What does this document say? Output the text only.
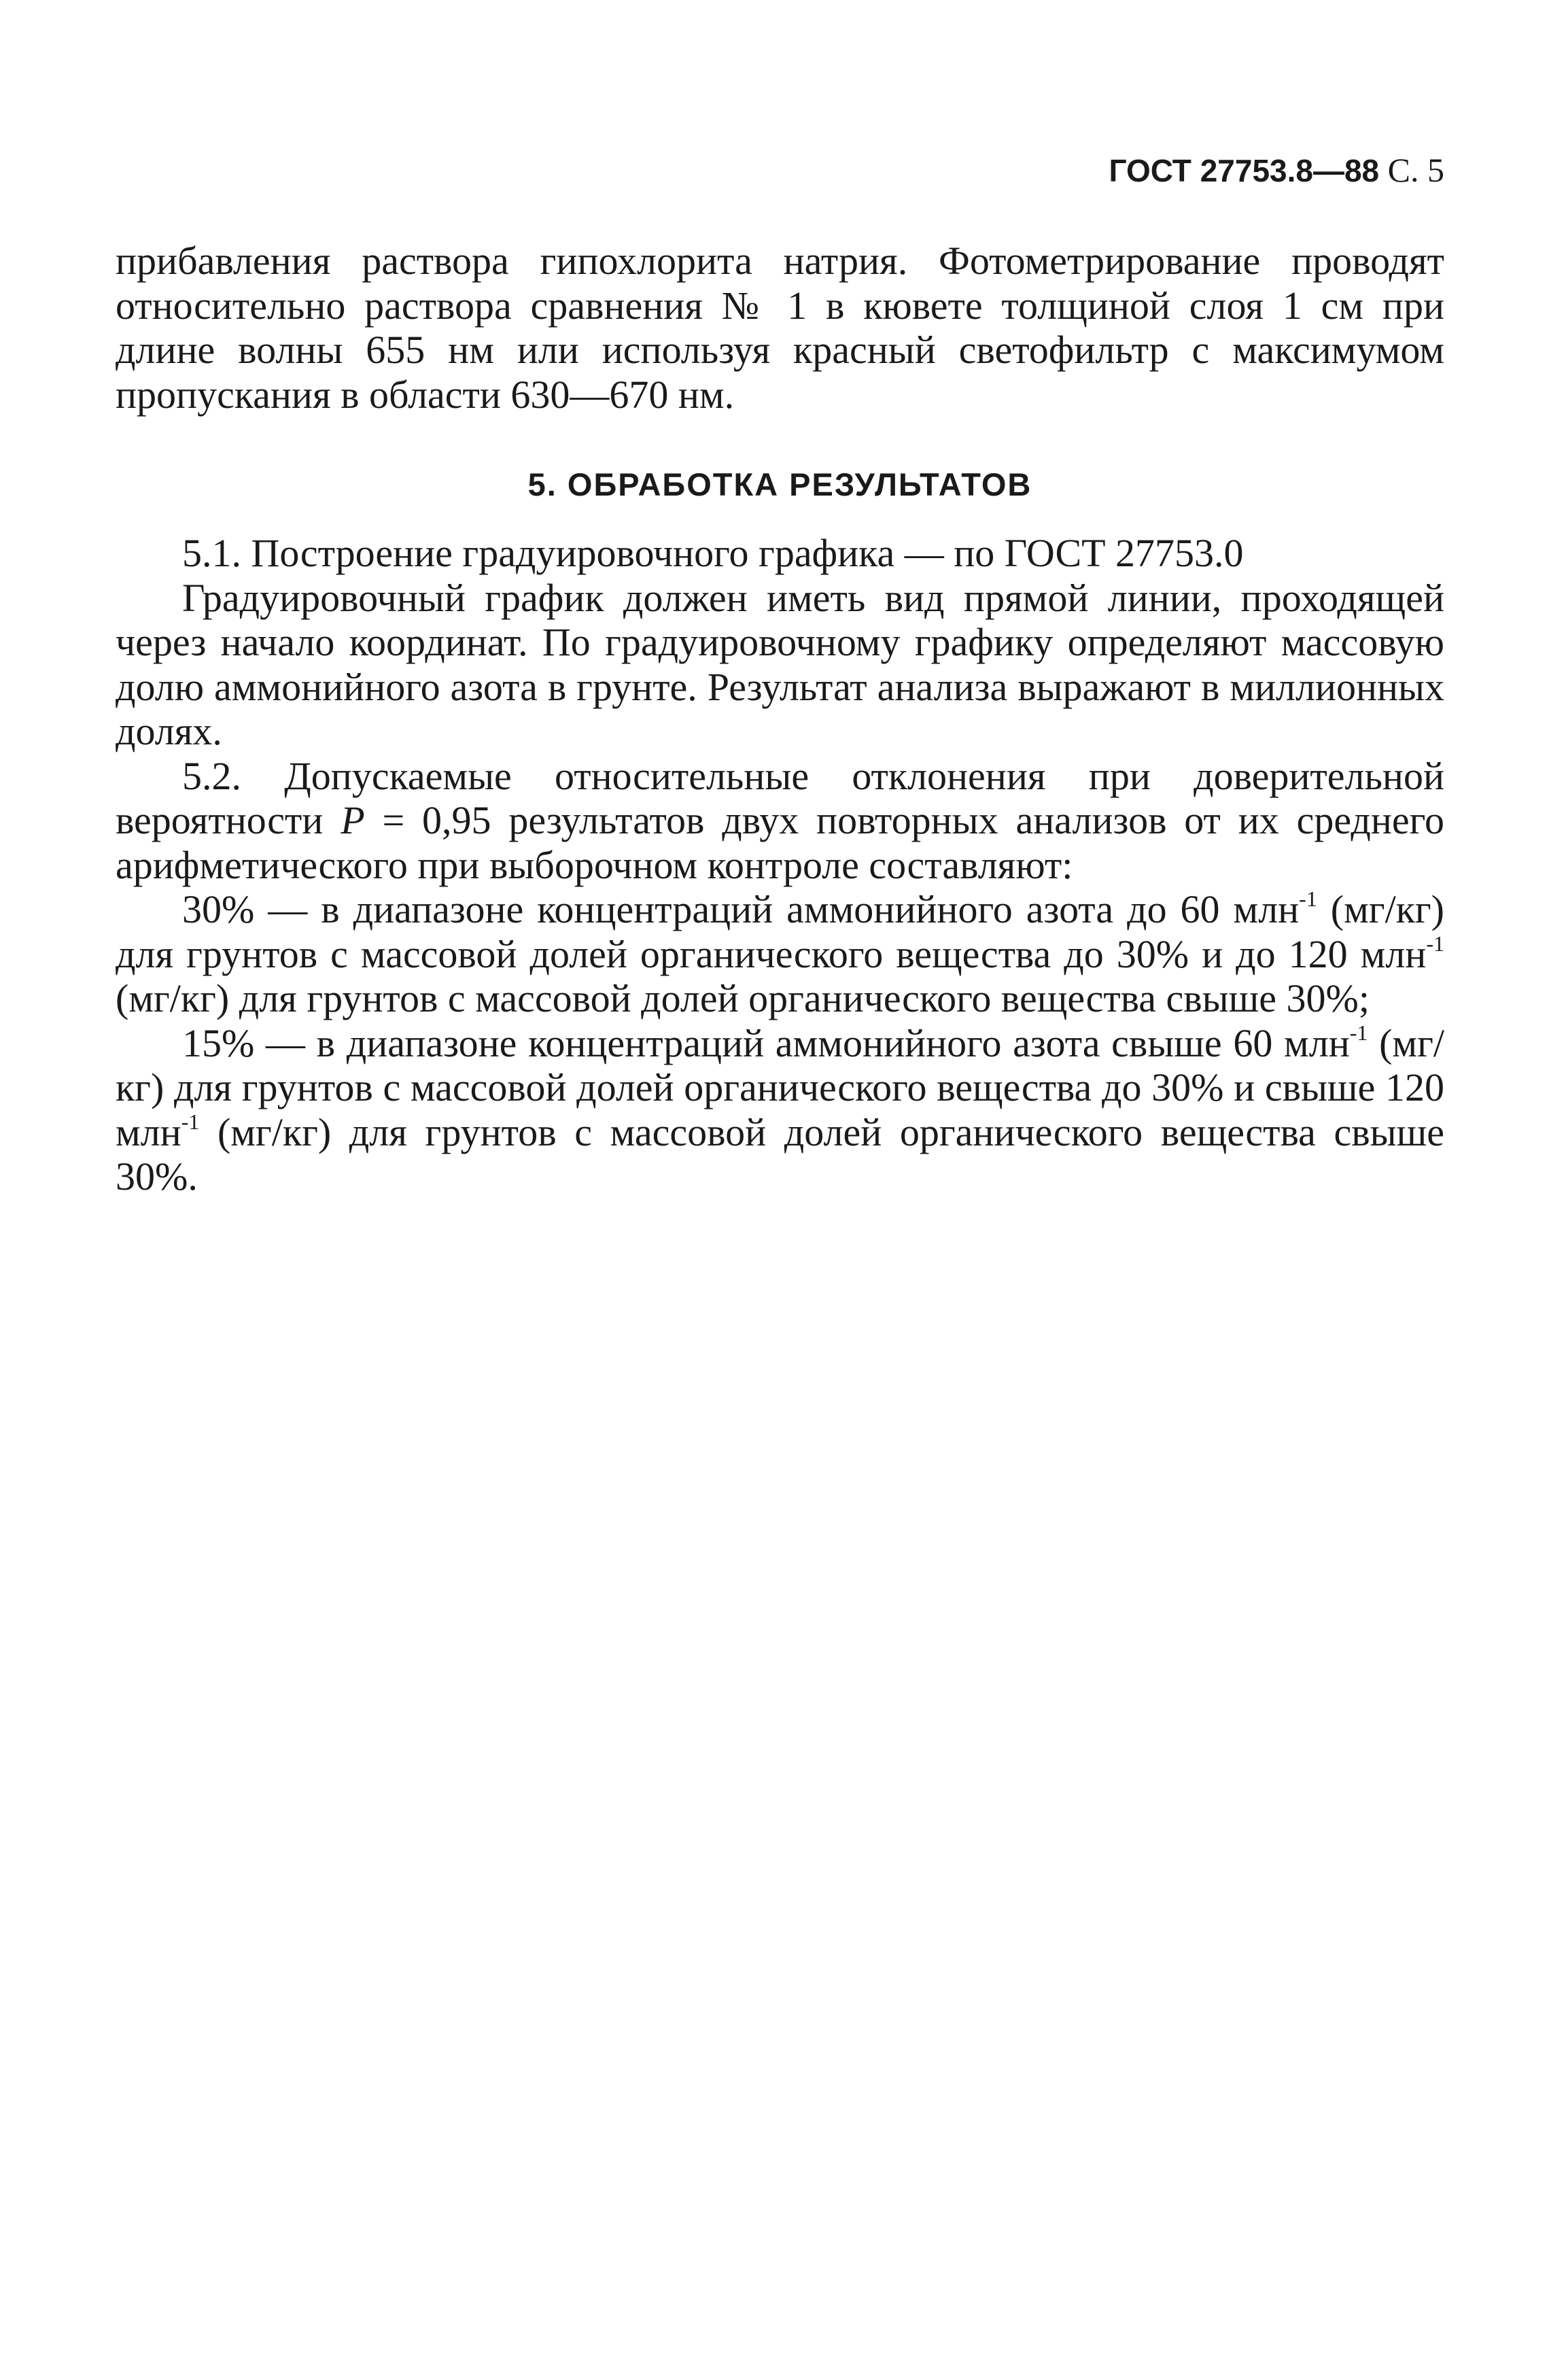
ГОСТ 27753.8—88 С. 5

прибавления раствора гипохлорита натрия. Фотометрирование проводят относительно раствора сравнения № 1 в кювете толщиной слоя 1 см при длине волны 655 нм или используя красный светофильтр с максимумом пропускания в области 630—670 нм.

5. ОБРАБОТКА РЕЗУЛЬТАТОВ

5.1. Построение градуировочного графика — по ГОСТ 27753.0

Градуировочный график должен иметь вид прямой линии, проходящей через начало координат. По градуировочному графику определяют массовую долю аммонийного азота в грунте. Результат анализа выражают в миллионных долях.

5.2. Допускаемые относительные отклонения при доверительной вероятности P = 0,95 результатов двух повторных анализов от их среднего арифметического при выборочном контроле составляют:

30% — в диапазоне концентраций аммонийного азота до 60 млн$^{-1}$ (мг/кг) для грунтов с массовой долей органического вещества до 30% и до 120 млн$^{-1}$ (мг/кг) для грунтов с массовой долей органического вещества свыше 30%;

15% — в диапазоне концентраций аммонийного азота свыше 60 млн$^{-1}$ (мг/кг) для грунтов с массовой долей органического вещества до 30% и свыше 120 млн$^{-1}$ (мг/кг) для грунтов с массовой долей органического вещества свыше 30%.
